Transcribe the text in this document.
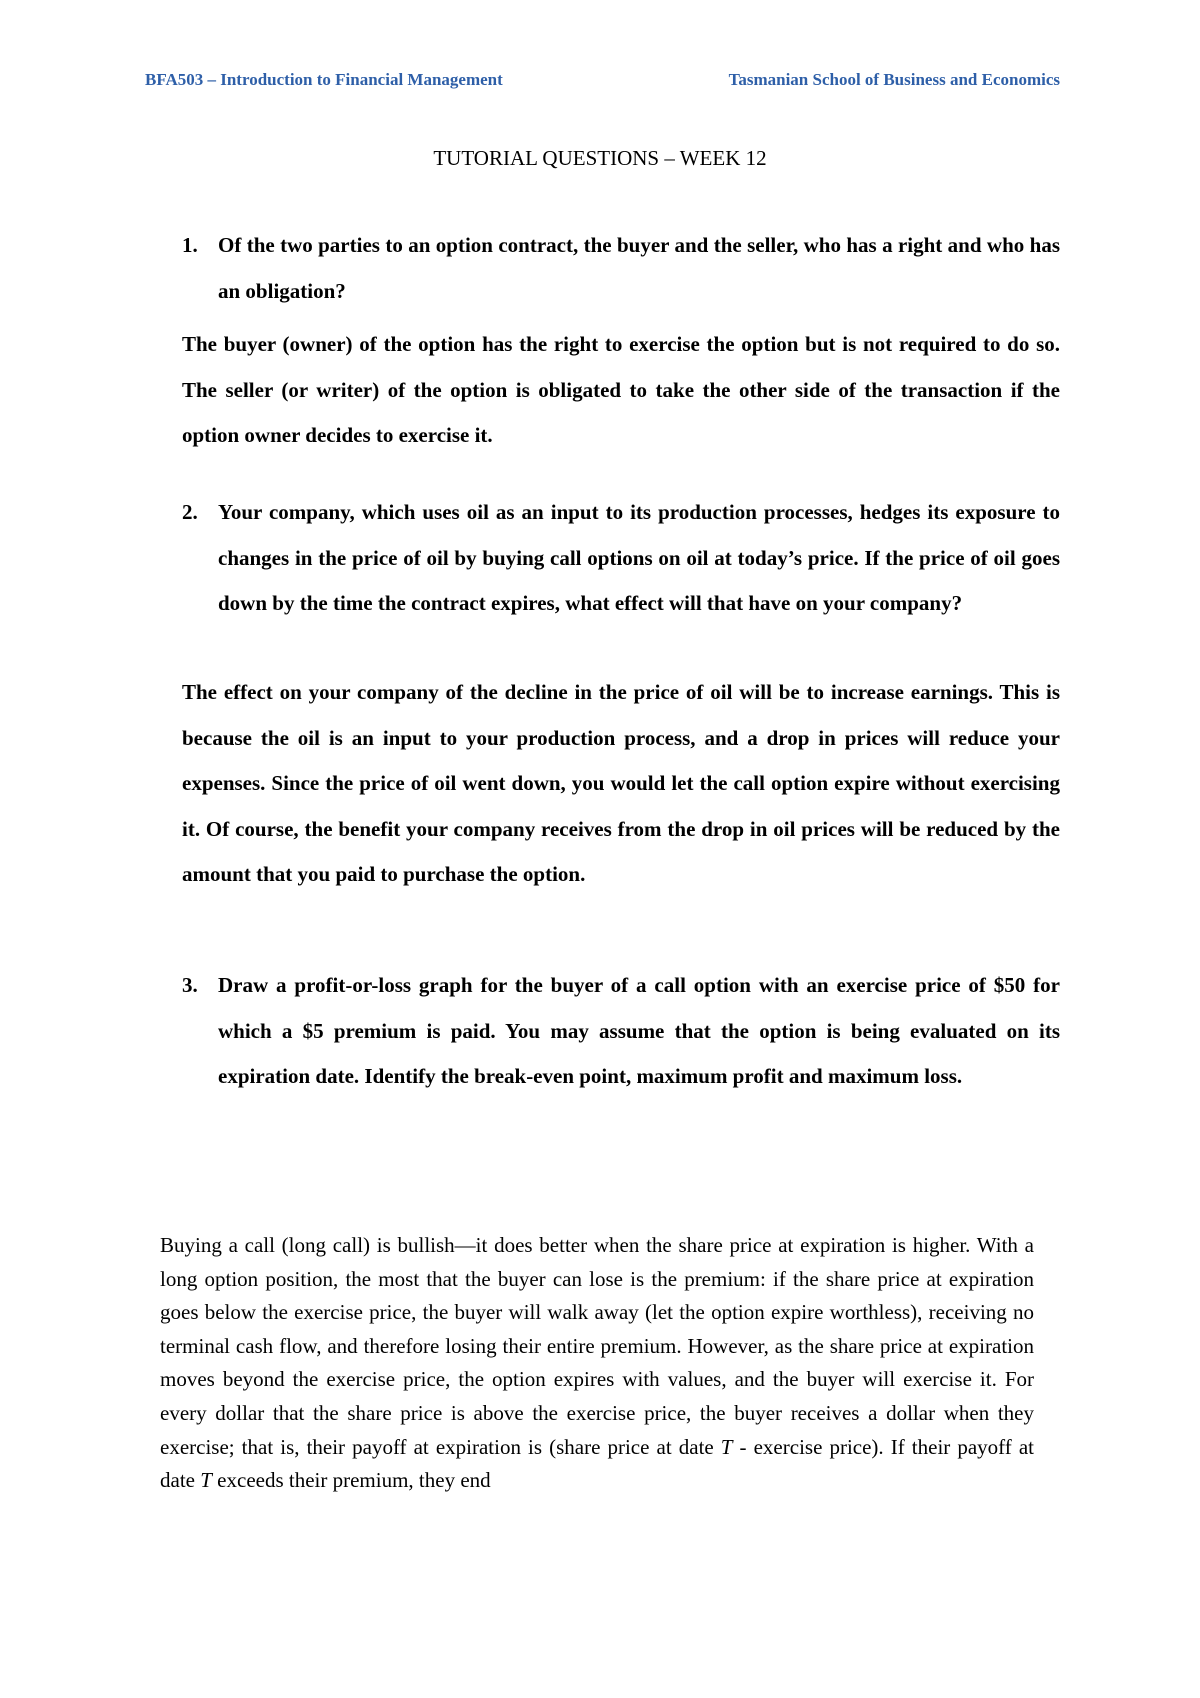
BFA503 – Introduction to Financial Management	Tasmanian School of Business and Economics
TUTORIAL QUESTIONS – WEEK 12
1. Of the two parties to an option contract, the buyer and the seller, who has a right and who has an obligation?
The buyer (owner) of the option has the right to exercise the option but is not required to do so. The seller (or writer) of the option is obligated to take the other side of the transaction if the option owner decides to exercise it.
2. Your company, which uses oil as an input to its production processes, hedges its exposure to changes in the price of oil by buying call options on oil at today’s price. If the price of oil goes down by the time the contract expires, what effect will that have on your company?
The effect on your company of the decline in the price of oil will be to increase earnings. This is because the oil is an input to your production process, and a drop in prices will reduce your expenses. Since the price of oil went down, you would let the call option expire without exercising it. Of course, the benefit your company receives from the drop in oil prices will be reduced by the amount that you paid to purchase the option.
3. Draw a profit-or-loss graph for the buyer of a call option with an exercise price of $50 for which a $5 premium is paid. You may assume that the option is being evaluated on its expiration date. Identify the break-even point, maximum profit and maximum loss.
Buying a call (long call) is bullish—it does better when the share price at expiration is higher. With a long option position, the most that the buyer can lose is the premium: if the share price at expiration goes below the exercise price, the buyer will walk away (let the option expire worthless), receiving no terminal cash flow, and therefore losing their entire premium. However, as the share price at expiration moves beyond the exercise price, the option expires with values, and the buyer will exercise it. For every dollar that the share price is above the exercise price, the buyer receives a dollar when they exercise; that is, their payoff at expiration is (share price at date T - exercise price). If their payoff at date T exceeds their premium, they end
